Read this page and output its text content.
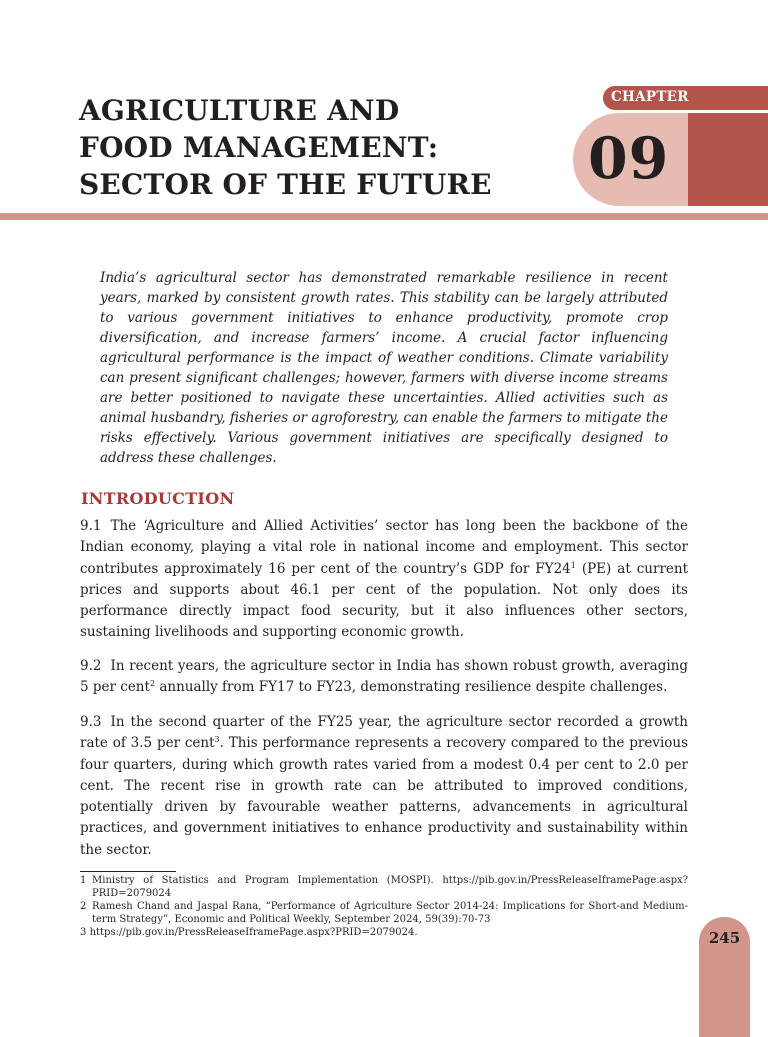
AGRICULTURE AND
FOOD MANAGEMENT:
SECTOR OF THE FUTURE
CHAPTER
09

India’s agricultural sector has demonstrated remarkable resilience in recent years, marked by consistent growth rates. This stability can be largely attributed to various government initiatives to enhance productivity, promote crop diversification, and increase farmers’ income. A crucial factor influencing agricultural performance is the impact of weather conditions. Climate variability can present significant challenges; however, farmers with diverse income streams are better positioned to navigate these uncertainties. Allied activities such as animal husbandry, fisheries or agroforestry, can enable the farmers to mitigate the risks effectively. Various government initiatives are specifically designed to address these challenges.

INTRODUCTION

9.1 The ‘Agriculture and Allied Activities’ sector has long been the backbone of the Indian economy, playing a vital role in national income and employment. This sector contributes approximately 16 per cent of the country’s GDP for $FY24^1$ (PE) at current prices and supports about 46.1 per cent of the population. Not only does its performance directly impact food security, but it also influences other sectors, sustaining livelihoods and supporting economic growth.

9.2 In recent years, the agriculture sector in India has shown robust growth, averaging 5 per cent$^2$ annually from FY17 to FY23, demonstrating resilience despite challenges.

9.3 In the second quarter of the FY25 year, the agriculture sector recorded a growth rate of 3.5 per cent$^3$. This performance represents a recovery compared to the previous four quarters, during which growth rates varied from a modest 0.4 per cent to 2.0 per cent. The recent rise in growth rate can be attributed to improved conditions, potentially driven by favourable weather patterns, advancements in agricultural practices, and government initiatives to enhance productivity and sustainability within the sector.

1 Ministry of Statistics and Program Implementation (MOSPI). https://pib.gov.in/PressReleaseIframePage.aspx?PRID=2079024
2 Ramesh Chand and Jaspal Rana, “Performance of Agriculture Sector 2014-24: Implications for Short-and Medium-term Strategy”, Economic and Political Weekly, September 2024, 59(39):70-73
3 https://pib.gov.in/PressReleaseIframePage.aspx?PRID=2079024.	245
